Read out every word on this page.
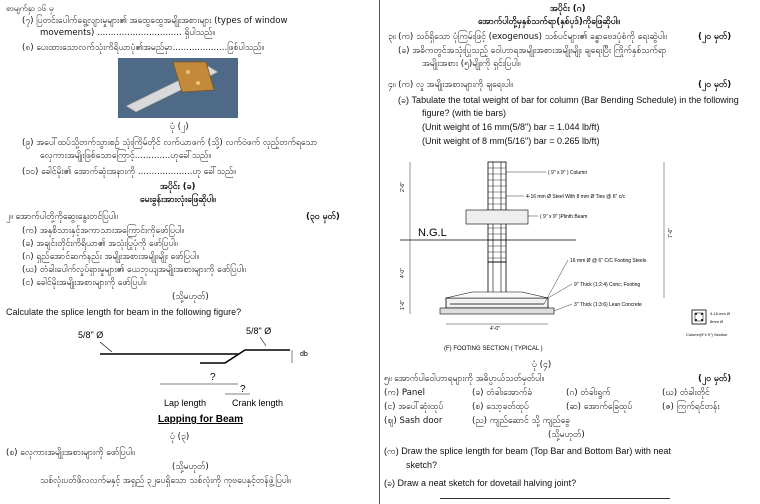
စာမျက်နှာ ၁၆ မှ
(၇) ပြတင်းပေါက်ရွေ့လျားမှုများ၏ အထွေထွေအမျိုးအစားများ (types of window
movements) ............................... ရှိပါသည်။
(၈) ပေးထားသောလက်သုံးကိရိယာပုံ၏အမည်မှာ....................ဖြစ်ပါသည်။
ပုံ (၂)
(၉) အပေါ်ထပ်သို့တက်သွားစဉ် သုံးကြိမ်တိုင် လက်ယာဖက် (သို့) လက်ဝဲဖက် လှည့်တက်ရသော
လှေကားအမျိုးဖြစ်သောကြောင့်.............ဟုခေါ်သည်။
(၁၀) ခေါင်မိုး၏ အောက်ဆုံးအနားကို ....................ဟု ခေါ်သည်။
အပိုင်း (ခ)
မေးခွန်းအားလုံးဖြေဆိုပါ။
၂။ အောက်ပါတို့ကိုဆွေးနွေးတင်ပြပါ။	(၃၀ မှတ်)
(က) အနုစိသားနှင့်အကာသားအကြောင်းကိုဖော်ပြပါ။
(ခ) အချင်းတိုင်းကိရိယာ၏ အသုံးပြုပုံကို ဖော်ပြပါ။
(ဂ) ရှည်အောင်ဆက်နည်း အမျိုးအစားအမျိုးမျိုး ဖော်ပြပါ။
(ဃ) တံခါးပေါက်လှုပ်ရှားမှုများ၏ ယေဘုယျအမျိုးအစားများကို ဖော်ပြပါ။
(င) ခေါင်မိုးအမျိုးအစားများကို ဖော်ပြပါ။
(သို့မဟုတ်)
Calculate the splice length for beam in the following figure?
5/8" Ø	5/8" Ø
db
?
?
Lap length	Crank length
Lapping for Beam
ပုံ (၃)
(စ) လှေကားအမျိုးအစားများကို ဖော်ပြပါ။
(သို့မဟုတ်)
သစ်လုံးပတ်ဖိလလက်မနှင့် အရှည် ၃၂ပေရှိသော သစ်လုံးကို ကုဗပေနှင့်တန်ဖွဲ့ပြပါ။
အပိုင်း (ဂ)
အောက်ပါတို့မှနှစ်သက်ရာ(နှစ်ပုဒ်)ကိုဖြေဆိုပါ။
၃။ (က) သဝ်ရှိသော ပုံကြမ်းဖြင့် (exogenous) သစ်ပင်များ၏ ခန္ဓာဗေဒပုံစံကို ရေးဆွဲပါ။	(၂၀ မှတ်)
(ခ) အဓိကတွင်အသုံးပြုသည့် ဝေါဟာရအမျိုးအစားအမျိုးမျိုး ချရေးပြီး ကြိုက်နှစ်သက်ရာ
အမျိုးအစား (၅)မျိုးကို ရှင်းပြပါ။
၄။ (က) လှု အမျိုးအစားများကို ချရေးပါ။	(၂၀ မှတ်)
(ခ) Tabulate the total weight of bar for column (Bar Bending Schedule) in the following
figure? (with tie bars)
(Unit weight of 16 mm(5/8") bar = 1.044 lb/ft)
(Unit weight of 8 mm(5/16") bar = 0.265 lb/ft)
N.G.L
( 9" x 9" ) Column
4-16 mm Ø Steel With 8 mm Ø Ties @ 6" c/c
( 9" x 9" )Plinth Beam
16 mm Ø @ 6" C/C Footing Steels
9" Thick (1:2:4) Conc; Footing
3" Thick (1:3:6) Lean Concrete
2'-6"
4'-0"
1'-6"
7'-6"
4'-0"
(F) FOOTING SECTION ( TYPICAL )
4-16 mm Ø
8mm Ø
Column(9"x 9") Section
ပုံ (၄)
၅။ အောက်ပါဝေါဟာရများကို အဓိပ္ပာယ်သတ်မှတ်ပါ။	(၂၀ မှတ်)
(က) Panel	(ခ) တံခါးအောက်ခံ	(ဂ) တံခါးရွက်	(ဃ) တံခါးတိုင်
(င) အပေါ်ဆုံးထုပ်	(စ) သော့ခတ်ထုပ်	(ဆ) အောက်ခြေထုပ်	(ဇ) ကြက်ရင်တန်း
(ဈ) Sash door	(ည) ကျည်ဆောင် သို့ ကျည်ခွေ
(သို့မဟုတ်)
(က) Draw the splice length for beam (Top Bar and Bottom Bar) with neat
sketch?
(ခ) Draw a neat sketch for dovetail halving joint?
